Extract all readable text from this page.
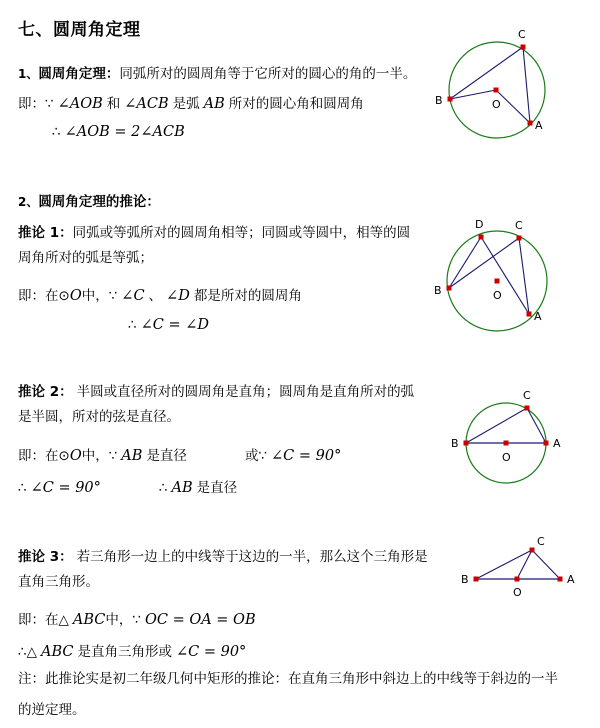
七、圆周角定理
1、 圆周角定理： 同弧所对的圆周角等于它所对的圆心的角的一半。
即： ∵ ∠AOB 和 ∠ACB 是弧 AB 所对的圆心角和圆周角
∴ ∠AOB = 2∠ACB
2、 圆周角定理的推论：
推论 1： 同弧或等弧所对的圆周角相等；同圆或等圆中，相等的圆
周角所对的弧是等弧；
即：在⊙ O 中， ∵ ∠C 、 ∠D 都是所对的圆周角
∴ ∠C = ∠D
推论 2： 半圆或直径所对的圆周角是直角；圆周角是直角所对的弧
是半圆，所对的弦是直径。
即：在⊙ O 中， ∵ AB 是直径	或 ∵ ∠C = 90°
∴ ∠C = 90°	∴ AB 是直径
推论 3： 若三角形一边上的中线等于这边的一半，那么这个三角形是
直角三角形。
即：在△ ABC 中， ∵ OC = OA = OB
∴ △ ABC 是直角三角形或 ∠C = 90°
注：此推论实是初二年级几何中矩形的推论：在直角三角形中斜边上的中线等于斜边的一半
的逆定理。
C
B	O
A
D	C
B	O
A
B
O
A
C
B
O
A
C
